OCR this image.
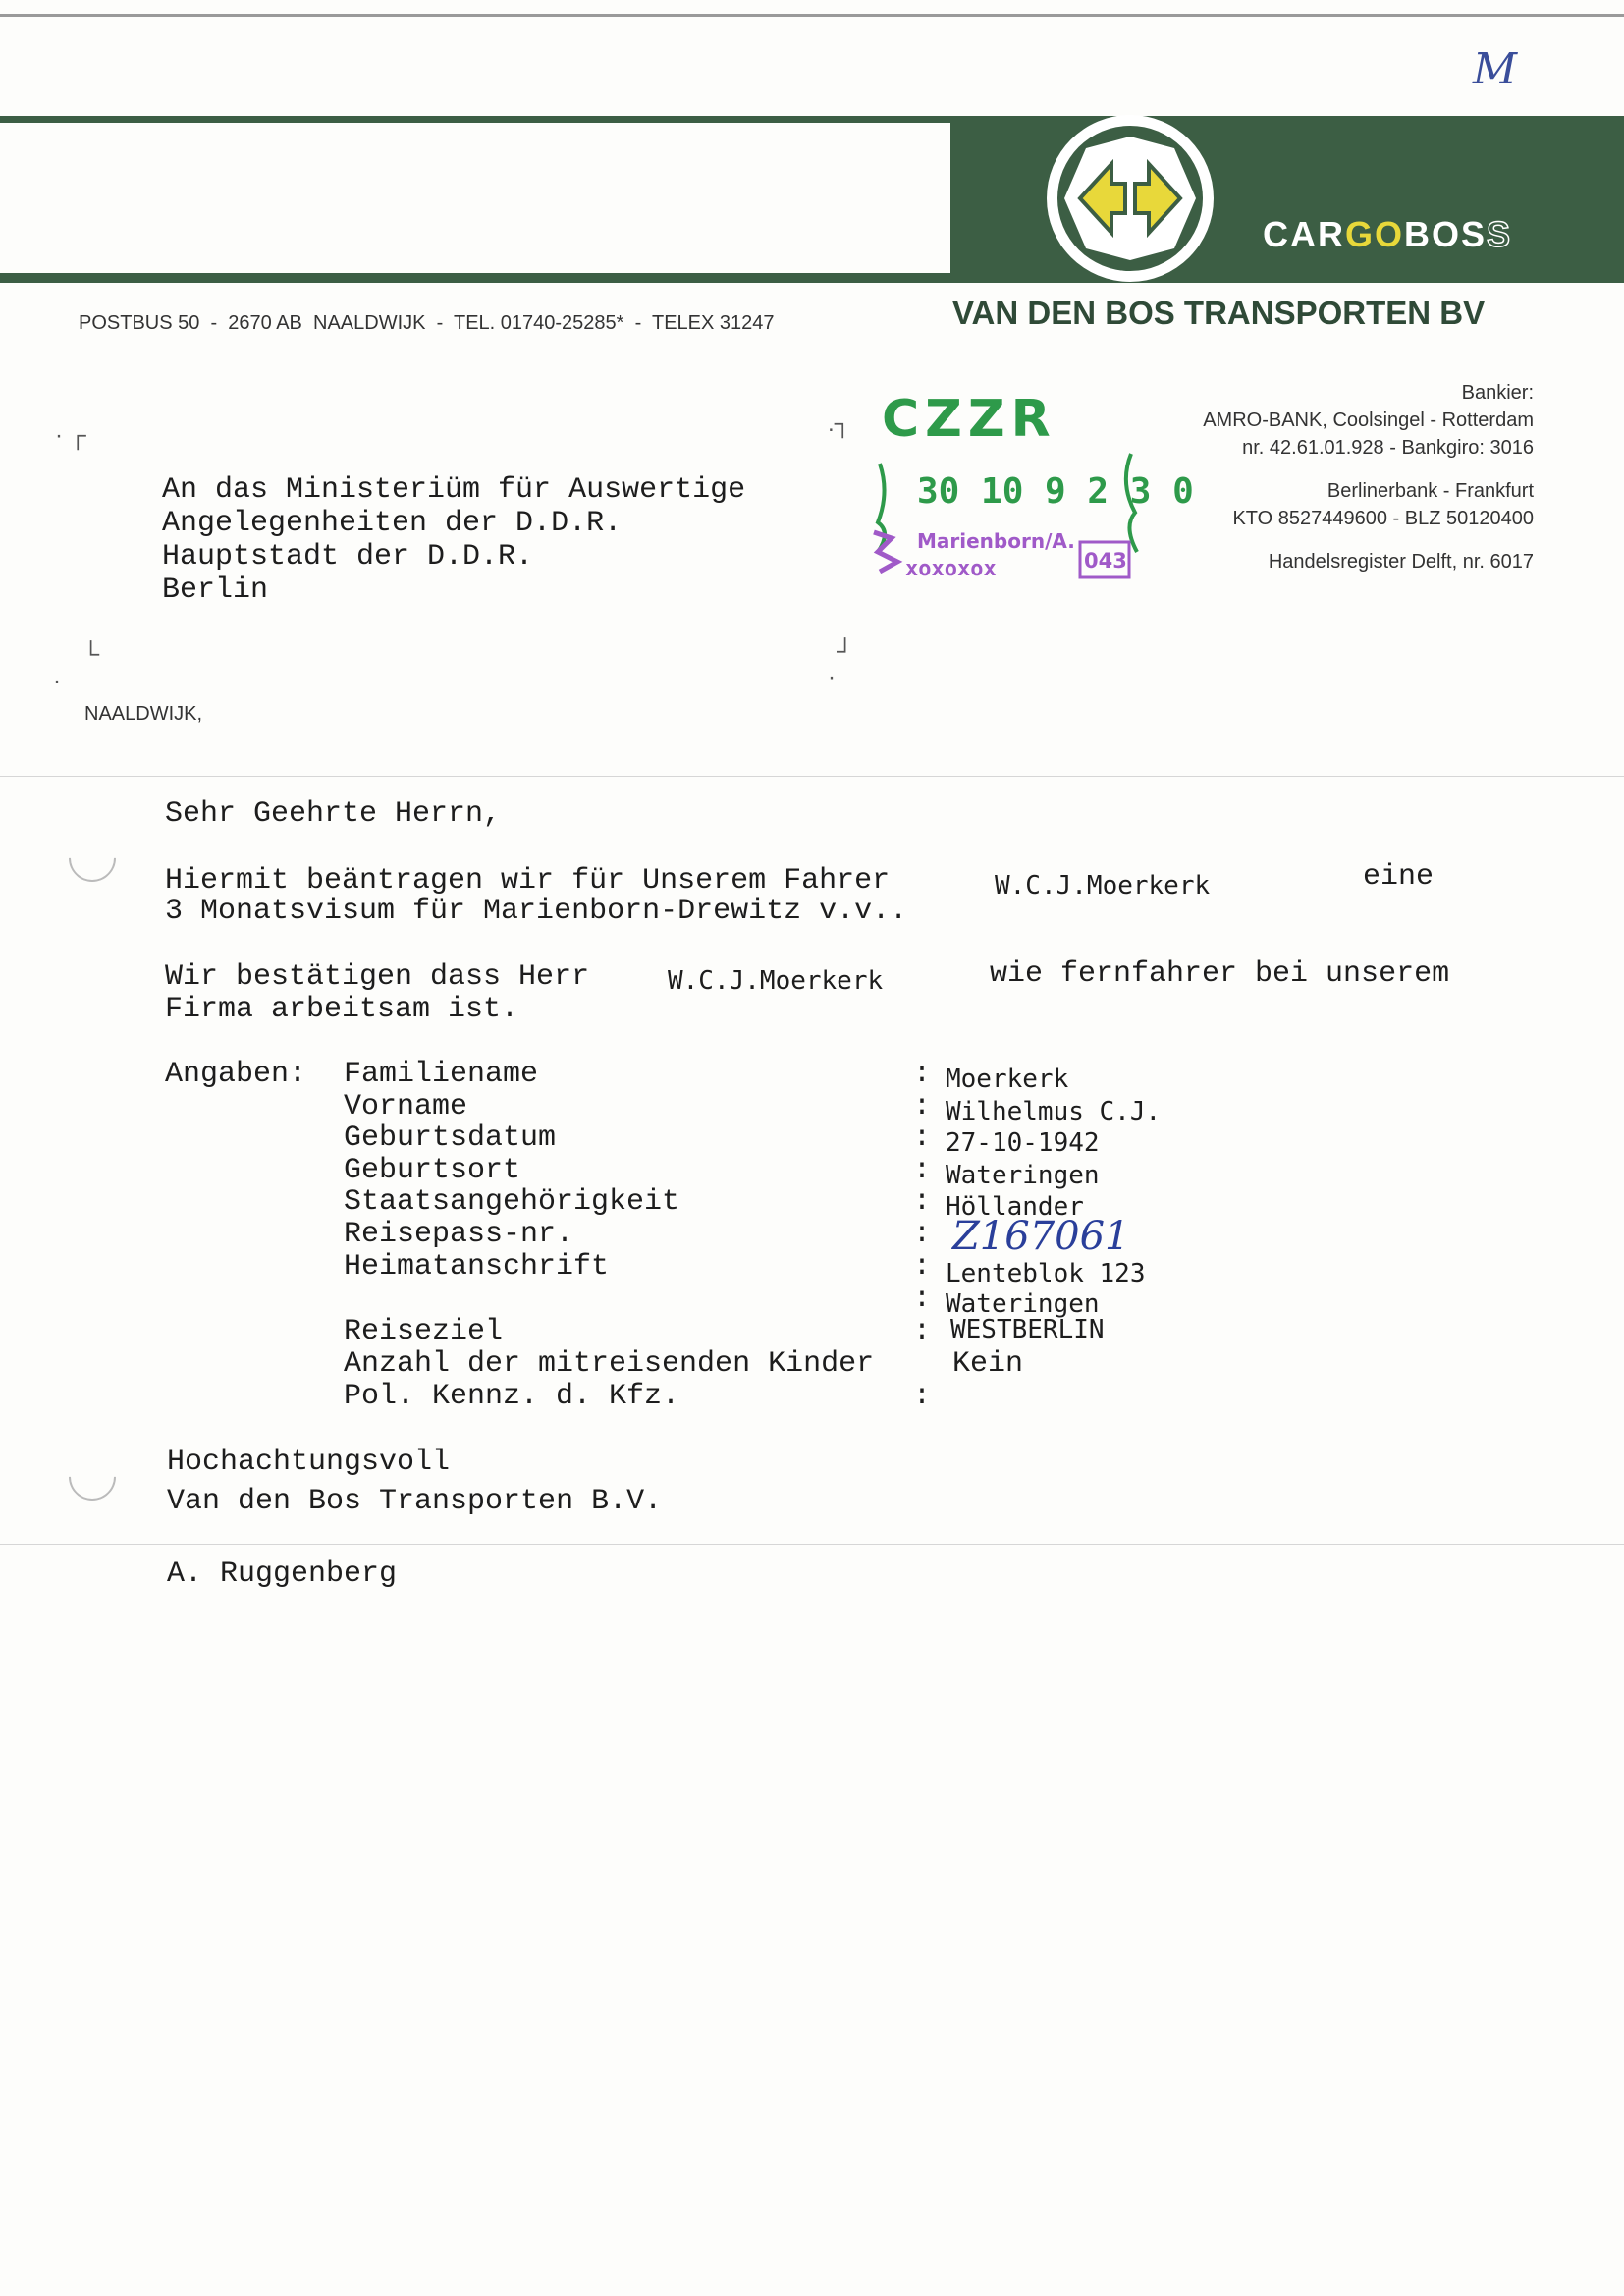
M
CARGOBOSS
POSTBUS 50  -  2670 AB  NAALDWIJK  -  TEL. 01740-25285*  -  TELEX 31247	VAN DEN BOS TRANSPORTEN BV
Bankier:
AMRO-BANK, Coolsingel - Rotterdam
nr. 42.61.01.928 - Bankgiro: 3016
Berlinerbank - Frankfurt
KTO 8527449600 - BLZ 50120400
Handelsregister Delft, nr. 6017
· ┌	.┐
└
·
┘
·
An das Ministeriüm für Auswertige
Angelegenheiten der D.D.R.
Hauptstadt der D.D.R.
Berlin
CZZR
30 10 9 2 3 0
Marienborn/A.
xoxoxox	043
NAALDWIJK,
Sehr Geehrte Herrn,
Hiermit beäntragen wir für Unserem Fahrer	W.C.J.Moerkerk	eine
3 Monatsvisum für Marienborn-Drewitz v.v..
Wir bestätigen dass Herr	W.C.J.Moerkerk	wie fernfahrer bei unserem
Firma arbeitsam ist.
Angaben: Familiename	: Moerkerk
Vorname	: Wilhelmus C.J.
Geburtsdatum	: 27-10-1942
Geburtsort	: Wateringen
Staatsangehörigkeit	: Höllander
Reisepass-nr.	: Z167061
Heimatanschrift	: Lenteblok 123
: Wateringen
Reiseziel	: WESTBERLIN
Anzahl der mitreisenden Kinder	Kein
Pol. Kennz. d. Kfz.	:
Hochachtungsvoll
Van den Bos Transporten B.V.
A. Ruggenberg
